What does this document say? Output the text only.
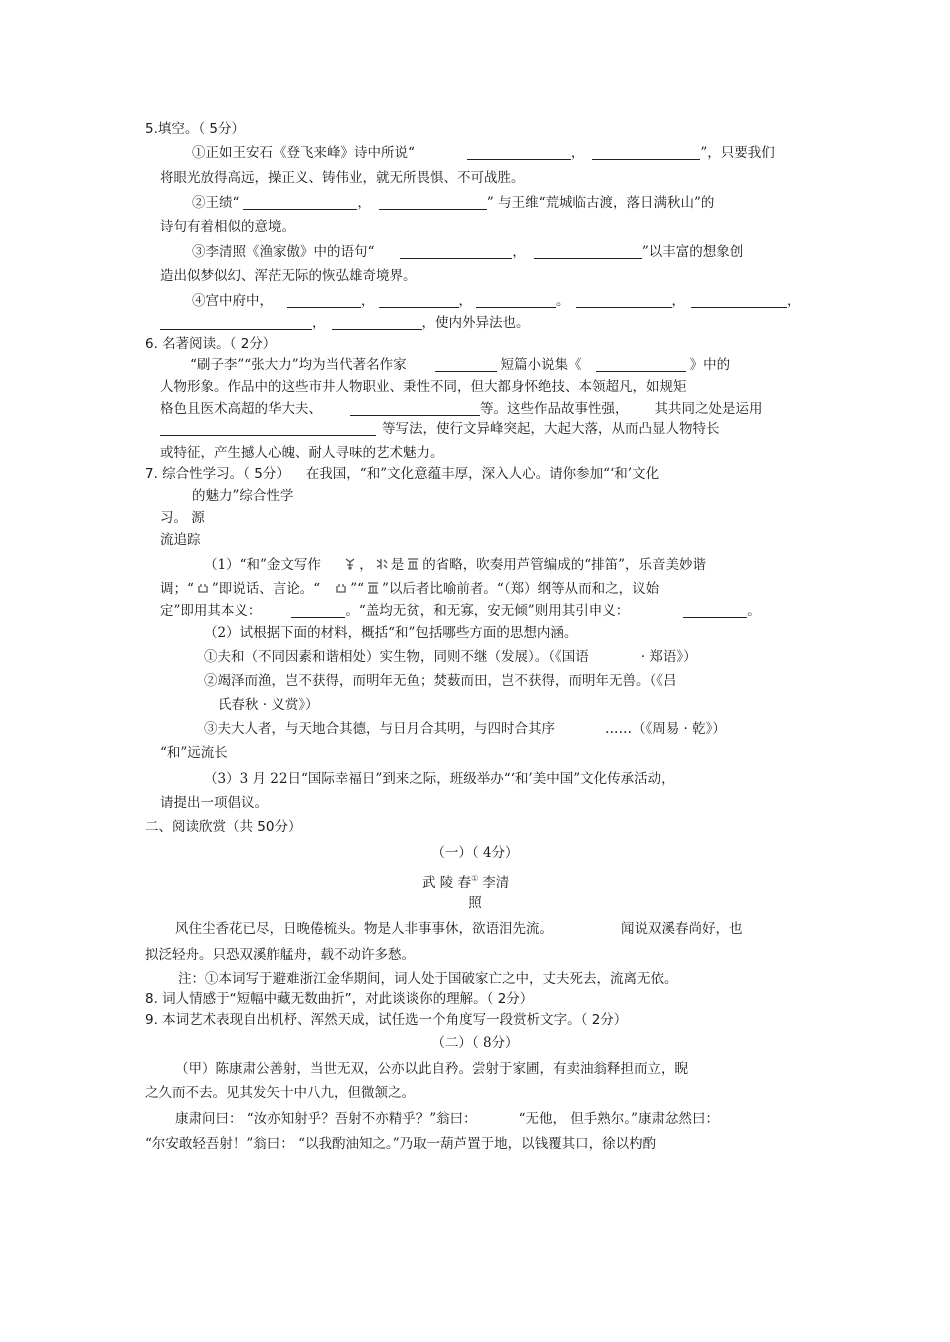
5.填空。（ 5分）
①正如王安石《登飞来峰》诗中所说“	，	”，只要我们
将眼光放得高远，操正义、铸伟业，就无所畏惧、不可战胜。
②王绩“	，	” 与王维“荒城临古渡，落日满秋山”的
诗句有着相似的意境。
③李清照《渔家傲》中的语句“	，	”以丰富的想象创
造出似梦似幻、浑茫无际的恢弘雄奇境界。
④宫中府中，	，	，	。	，	，
，	，使内外异法也。
6. 名著阅读。（ 2分）
“刷子李”“张大力”均为当代著名作家	短篇小说集《	》中的
人物形象。作品中的这些市井人物职业、秉性不同，但大都身怀绝技、本领超凡，如规矩
格色且医术高超的华大夫、	等。这些作品故事性强， 其共同之处是运用
或特征，产生撼人心魄、耐人寻味的艺术魅力。
等写法，使行文异峰突起，大起大落，从而凸显人物特长
7. 综合性学习。（ 5分） 在我国，“和”文化意蕴丰厚，深入人心。请你参加“‘和’文化
的魅力”综合性学
习。 源
流追踪
（1）“和”金文写作	， 是 的省略，吹奏用芦管编成的“排笛”，乐音美妙谐
调；“ ”即说话、言论。“ ”“ ”以后者比喻前者。“（郑）纲等从而和之，议始
定”即用其本义：	。“盖均无贫，和无寡，安无倾”则用其引申义：	。
（2）试根据下面的材料，概括“和”包括哪些方面的思想内涵。
①夫和（不同因素和谐相处）实生物，同则不继（发展）。（《国语	· 郑语》）
②竭泽而渔，岂不获得，而明年无鱼；焚薮而田，岂不获得，而明年无兽。（《吕
氏春秋 · 义赏》）
③夫大人者，与天地合其德，与日月合其明，与四时合其序	……（《周易 · 乾》）
“和”远流长
（3）3 月 22日“国际幸福日”到来之际，班级举办“‘和’美中国”文化传承活动，
请提出一项倡议。
二、阅读欣赏（共 50分）
（一）（ 4分）
武 陵 春① 李清
照
风住尘香花已尽，日晚倦梳头。物是人非事事休，欲语泪先流。	闻说双溪春尚好，也
拟泛轻舟。只恐双溪舴艋舟，载不动许多愁。
注：①本词写于避难浙江金华期间，词人处于国破家亡之中，丈夫死去，流离无依。
8. 词人情感于“短幅中藏无数曲折”，对此谈谈你的理解。（ 2分）
9. 本词艺术表现自出机杼、浑然天成，试任选一个角度写一段赏析文字。（ 2分）
（二）（ 8分）
（甲）陈康肃公善射，当世无双，公亦以此自矜。尝射于家圃，有卖油翁释担而立，睨
之久而不去。见其发矢十中八九，但微颔之。
康肃问曰： “汝亦知射乎？吾射不亦精乎？”翁曰：	“无他， 但手熟尔。”康肃忿然曰：
“尔安敢轻吾射！”翁曰： “以我酌油知之。”乃取一葫芦置于地，以钱覆其口，徐以杓酌
